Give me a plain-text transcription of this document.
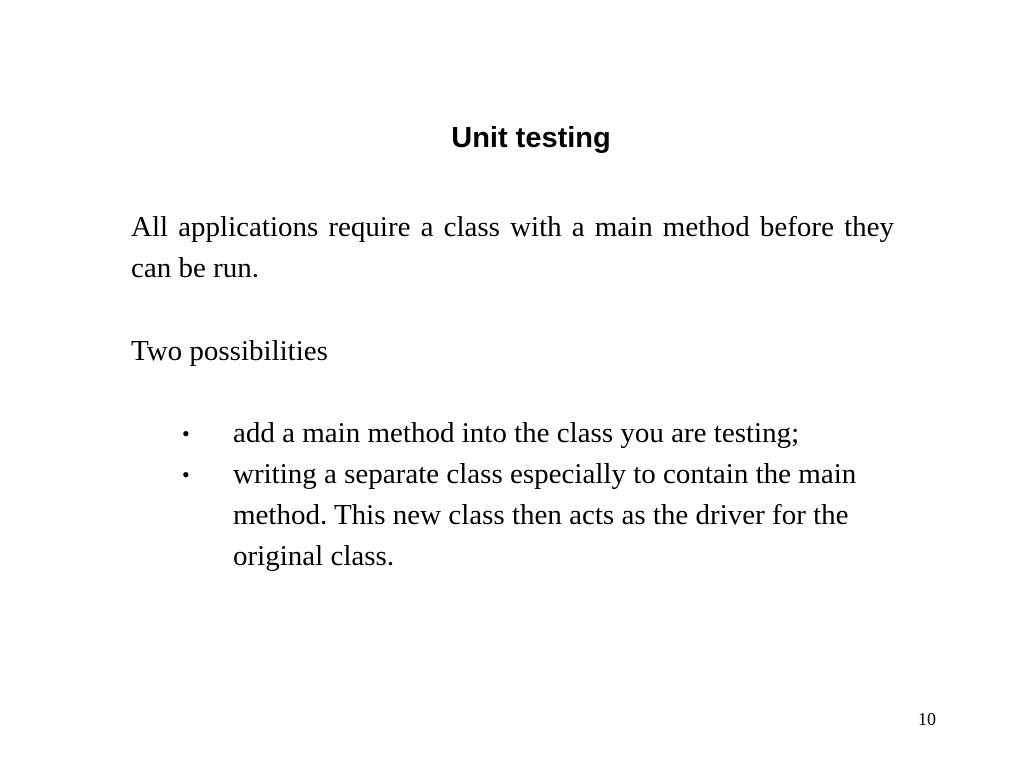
Unit testing

All applications require a class with a main method before they can be run.

Two possibilities

• add a main method into the class you are testing;
• writing a separate class especially to contain the main method. This new class then acts as the driver for the original class.

10
